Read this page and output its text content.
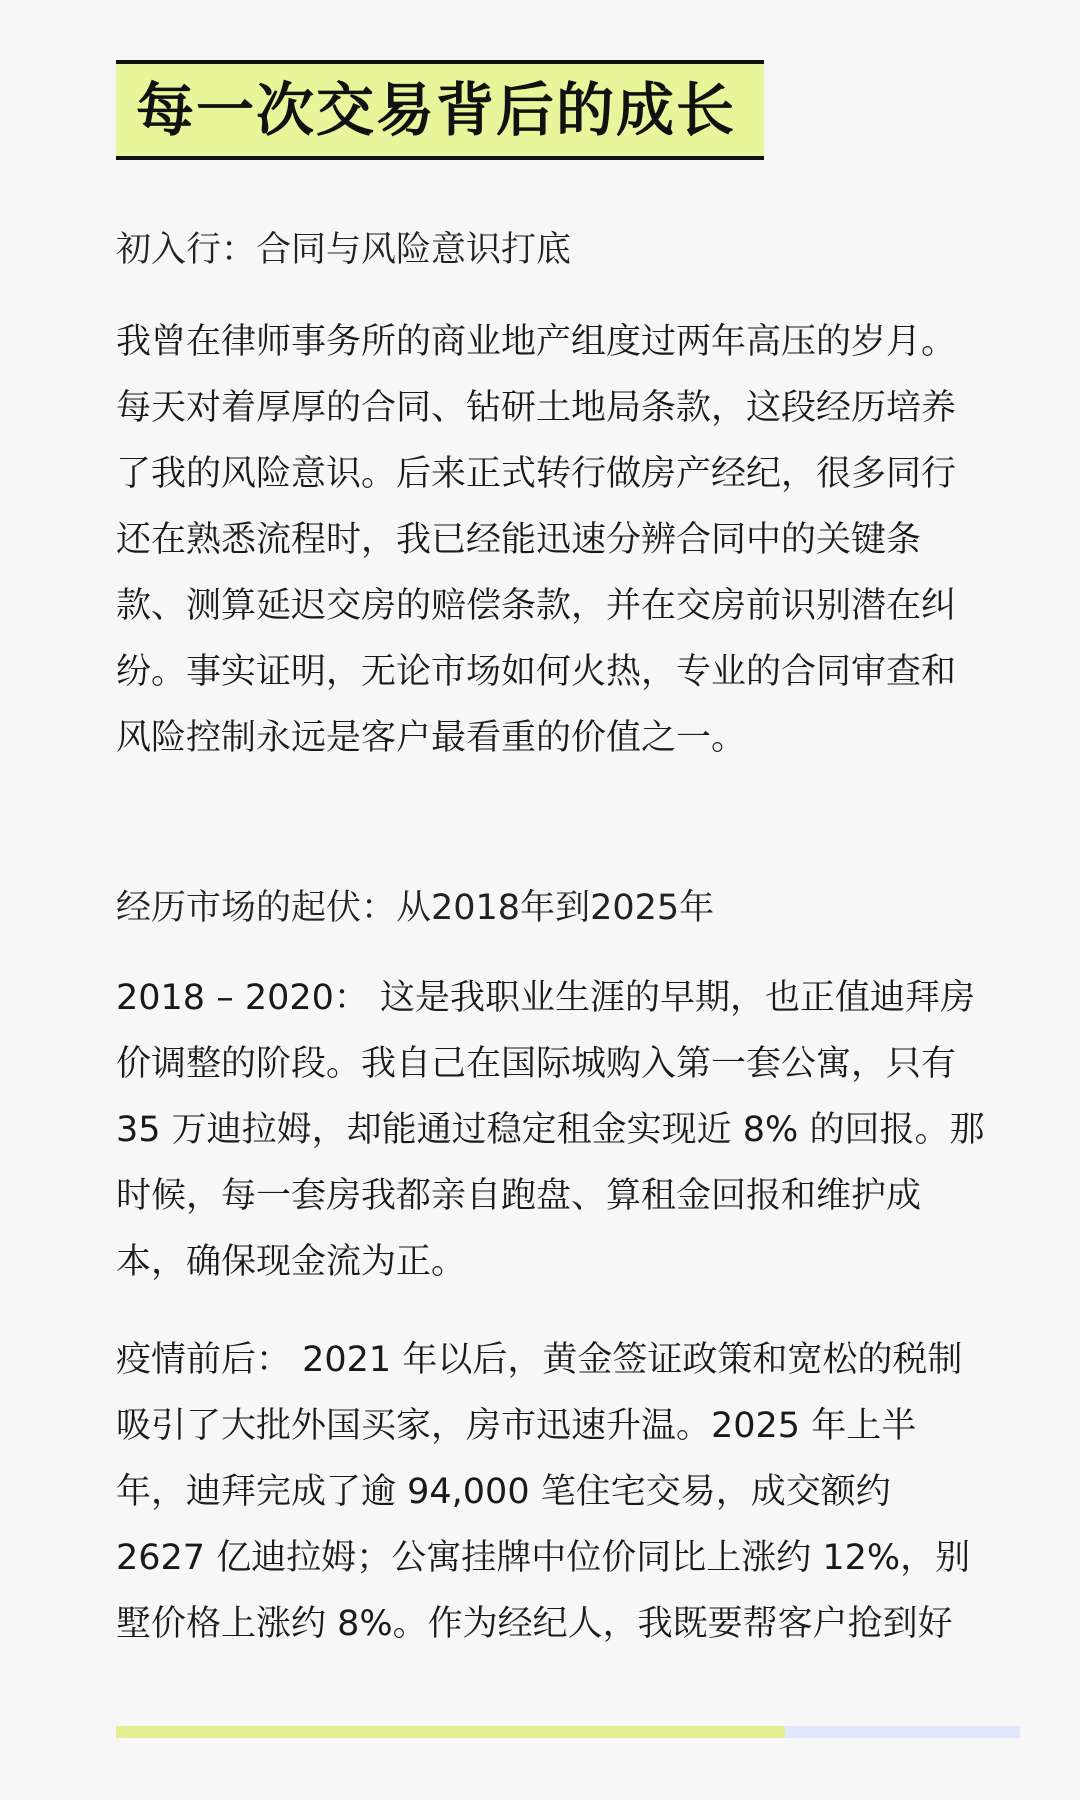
每一次交易背后的成长
初入行：合同与风险意识打底
我曾在律师事务所的商业地产组度过两年高压的岁月。
每天对着厚厚的合同、钻研土地局条款，这段经历培养
了我的风险意识。后来正式转行做房产经纪，很多同行
还在熟悉流程时，我已经能迅速分辨合同中的关键条
款、测算延迟交房的赔偿条款，并在交房前识别潜在纠
纷。事实证明，无论市场如何火热，专业的合同审查和
风险控制永远是客户最看重的价值之一。
经历市场的起伏：从2018年到2025年
2018 – 2020： 这是我职业生涯的早期，也正值迪拜房
价调整的阶段。我自己在国际城购入第一套公寓，只有
35 万迪拉姆，却能通过稳定租金实现近 8% 的回报。那
时候，每一套房我都亲自跑盘、算租金回报和维护成
本，确保现金流为正。
疫情前后： 2021 年以后，黄金签证政策和宽松的税制
吸引了大批外国买家，房市迅速升温。2025 年上半
年，迪拜完成了逾 94,000 笔住宅交易，成交额约
2627 亿迪拉姆；公寓挂牌中位价同比上涨约 12%，别
墅价格上涨约 8%。作为经纪人，我既要帮客户抢到好
